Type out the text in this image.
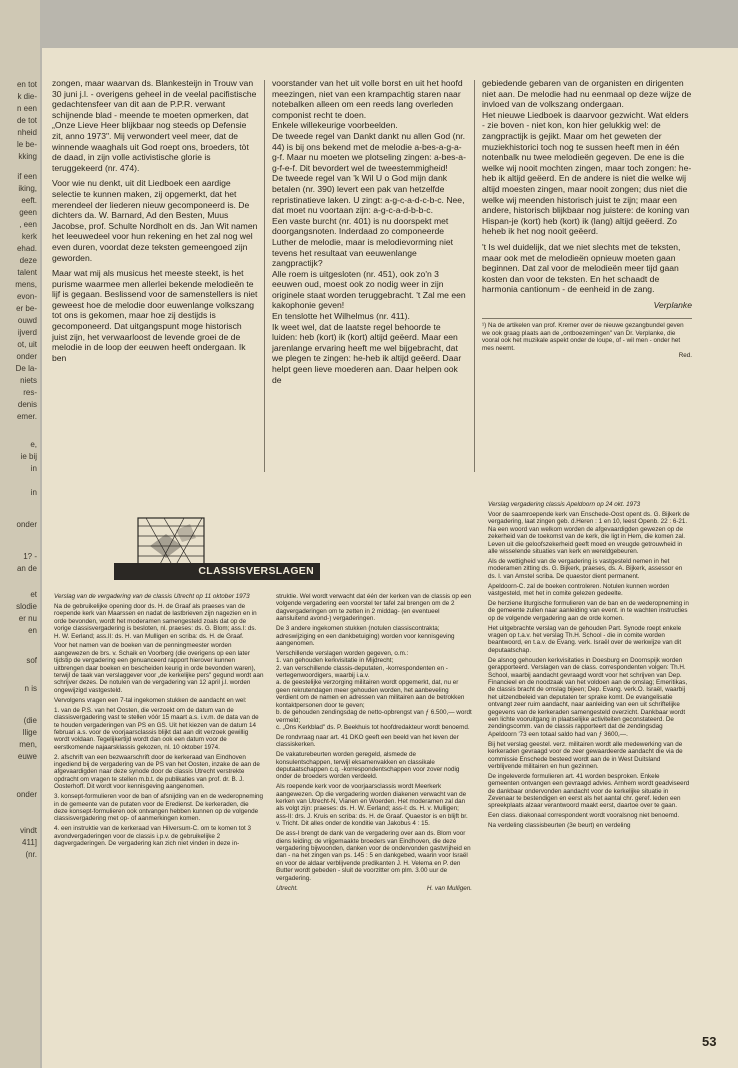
en tot
k die-
n een
de tot
nheid
le be-
kking
if een
iking,
eeft.
geen
, een
kerk
ehad.
deze
talent
mens,
evon-
er be-
ouwd
ijverd
ot, uit
onder
De la-
niets
res-
denis
emer.
e,
ie bij
in
in
onder
1? -
an de
et
slodie
er nu
en
sof
n is
(die
llige
men,
euwe
onder
vindt
411]
(nr.

zongen, maar waarvan ds. Blankesteijn in Trouw van 30 juni j.l. - overigens geheel in de veelal pacifistische gedachtensfeer van dit aan de P.P.R. verwant schijnende blad - meende te moeten opmerken, dat „Onze Lieve Heer blijkbaar nog steeds op Defensie zit, anno 1973". Mij verwondert veel meer, dat de winnende waaghals uit God roept ons, broeders, tòt de daad, in zijn volle activistische glorie is teruggekeerd (nr. 474).

Voor wie nu denkt, uit dit Liedboek een aardige selectie te kunnen maken, zij opgemerkt, dat het merendeel der liederen nieuw gecomponeerd is. De dichters da. W. Barnard, Ad den Besten, Muus Jacobse, prof. Schulte Nordholt en ds. Jan Wit namen het leeuwedeel voor hun rekening en het zal nog wel even duren, voordat deze teksten gemeengoed zijn geworden.

Maar wat mij als musicus het meeste steekt, is het purisme waarmee men allerlei bekende melodieën te lijf is gegaan. Beslissend voor de samenstellers is niet geweest hoe de melodie door euwenlange volkszang tot ons is gekomen, maar hoe zij destijds is gecomponeerd. Dat uitgangspunt moge historisch juist zijn, het verwaarloost de levende groei de de melodie in de loop der eeuwen heeft ondergaan. Ik ben

voorstander van het uit volle borst en uit het hoofd meezingen, niet van een krampachtig staren naar notebalken alleen om een reeds lang overleden componist recht te doen.
Enkele willekeurige voorbeelden.
De tweede regel van Dankt dankt nu allen God (nr. 44) is bij ons bekend met de melodie a-bes-a-g-a-g-f. Maar nu moeten we plotseling zingen: a-bes-a-g-f-e-f. Dit bevordert wel de tweestemmigheid!
De tweede regel van 'k Wil U o God mijn dank betalen (nr. 390) levert een pak van hetzelfde repristinatieve laken. U zingt: a-g-c-a-d-c-b-c. Nee, dat moet nu voortaan zijn: a-g-c-a-d-b-b-c.
Een vaste burcht (nr. 401) is nu doorspekt met doorgangsnoten. Inderdaad zo componeerde Luther de melodie, maar is melodievorming niet tevens het resultaat van eeuwenlange zangpractijk?
Alle roem is uitgesloten (nr. 451), ook zo'n 3 eeuwen oud, moest ook zo nodig weer in zijn originele staat worden teruggebracht. 't Zal me een kakophonie geven!
En tenslotte het Wilhelmus (nr. 411).
Ik weet wel, dat de laatste regel behoorde te luiden: heb (kort) ik (kort) altijd geëerd. Maar een jarenlange ervaring heeft me wel bijgebracht, dat we plegen te zingen: he-heb ik altijd geëerd. Daar helpt geen lieve moederen aan. Daar helpen ook de

gebiedende gebaren van de organisten en dirigenten niet aan. De melodie had nu eenmaal op deze wijze de invloed van de volkszang ondergaan.
Het nieuwe Liedboek is daarvoor gezwicht. Wat elders - zie boven - niet kon, kon hier gelukkig wel: de zangpractijk is gejikt. Maar om het geweten der muziekhistorici toch nog te sussen heeft men in één notenbalk nu twee melodieën gegeven. De ene is die welke wij nooit mochten zingen, maar toch zongen: he-heb ik altijd geëerd. En de andere is niet die welke wij altijd moesten zingen, maar nooit zongen; dus niet die welke wij meenden historisch juist te zijn; maar een andere, historisch blijkbaar nog juistere: de koning van Hispan-je (kort) heb (kort) ik (lang) altijd geëerd. Zo heheb ik het nog nooit geëerd.

't Is wel duidelijk, dat we niet slechts met de teksten, maar ook met de melodieën opnieuw moeten gaan beginnen. Dat zal voor de melodieën meer tijd gaan kosten dan voor de teksten. En het schaadt de harmonia cantionum - de eenheid in de zang.

Verplanke
¹) Na de artikelen van prof. Kremer over de nieuwe gezangbundel geven we ook graag plaats aan de „ontboezemingen" van Dr. Verplanke, die vooral ook het muzikale aspekt onder de loupe, of - wil men - onder het mes neemt.
Red.
CLASSISVERSLAGEN

Verslag van de vergadering van de classis Utrecht op 11 oktober 1973

Na de gebruikelijke opening door ds. H. de Graaf als praeses van de roepende kerk van Maarssen en nadat de lastbrieven zijn nagezien en in orde bevonden, wordt het moderamen samengesteld zoals dat op de vorige classisvergadering is besloten, nl. praeses: ds. G. Blom; ass.I: ds. H. W. Eerland; ass.II: ds. H. van Mulligen en scriba: ds. H. de Graaf.

Voor het namen van de boeken van de penningmeester worden aangewezen de brs. v. Schaik en Voorberg (die overigens op een later tijdstip de vergadering een genuanceerd rapport hierover kunnen uitbrengen daar boeken en bescheiden keurig in orde bevonden waren), terwijl de taak van verslaggever voor „de kerkelijke pers" gegund wordt aan schrijver dezes. De notulen van de vergadering van 12 april j.l. worden ongewijzigd vastgesteld.

Vervolgens vragen een 7-tal ingekomen stukken de aandacht en wel:

1. van de P.S. van het Oosten, die verzoekt om de datum van de classisvergadering vast te stellen vóór 15 maart a.s. i.v.m. de data van de te houden vergaderingen van PS en GS. Uit het kiezen van de datum 14 februari a.s. voor de voorjaarsclassis blijkt dat aan dit verzoek gewillig wordt voldaan. Tegelijkertijd wordt dan ook een datum voor de eerstkomende najaarsklassis gekozen, nl. 10 oktober 1974.

2. afschrift van een bezwaarschrift door de kerkeraad van Eindhoven ingediend bij de vergadering van de PS van het Oosten, inzake de aan de afgevaardigden naar deze synode door de classis Utrecht verstrekte opdracht om vragen te stellen m.b.t. de publikaties van prof. dr. B. J. Oosterhoff. Dit wordt voor kennisgeving aangenomen.

3. konsept-formulieren voor de ban of afsnijding van en de wederopneming in de gemeente van de putaten voor de Eredienst. De kerkeraden, die deze konsept-formulieren ook ontvangen hebben kunnen op de volgende classisvergadering met op- of aanmerkingen komen.

4. een instruktie van de kerkeraad van Hilversum-C. om te komen tot 3 avondvergaderingen voor de classis i.p.v. de gebruikelijke 2 dagvergaderingen. De vergadering kan zich niet vinden in deze in-

struktie. Wel wordt verwacht dat één der kerken van de classis op een volgende vergadering een voorstel ter tafel zal brengen om de 2 dagvergaderingen om te zetten in 2 middag- (en eventueel aansluitend avond-) vergaderingen.

De 3 andere ingekomen stukken (notulen classiscontrakta; adreswijziging en een dankbetuiging) worden voor kennisgeving aangenomen.

Verschillende verslagen worden gegeven, o.m.:
1. van gehouden kerkvisitatie in Mijdrecht;
2. van verschillende classis-deputaten, -korrespondenten en -vertegenwoordigers, waarbij i.a.v.
a. de geestelijke verzorging militairen wordt opgemerkt, dat, nu er geen rekrutendagen meer gehouden worden, het aanbeveling verdient om de namen en adressen van militairen aan de betrokken kontaktpersonen door te geven;
b. de gehouden zendingsdag de netto-opbrengst van ƒ 6.500,— wordt vermeld;
c. „Ons Kerkblad" ds. P. Beekhuis tot hoofdredakteur wordt benoemd.

De rondvraag naar art. 41 DKO geeft een beeld van het leven der classiskerken.

De vakaturebeurten worden geregeld, alsmede de konsulentschappen, terwijl eksamenvakken en classikale deputaatschappen c.q. -korrespondentschappen voor zover nodig onder de broeders worden verdeeld.

Als roepende kerk voor de voorjaarsclassis wordt Meerkerk aangewezen. Op die vergadering worden diakenen verwacht van de kerken van Utrecht-N, Vianen en Woerden. Het moderamen zal dan als volgt zijn: praeses: ds. H. W. Eerland; ass-I: ds. H. v. Mulligen; ass-II: drs. J. Kruis en scriba: ds. H. de Graaf. Quaestor is en blijft br. v. Tricht. Dit alles onder de konditie van Jakobus 4 : 15.

De ass-I brengt de dank van de vergadering over aan ds. Blom voor diens leiding; de vrijgemaakte broeders van Eindhoven, die deze vergadering bijwoonden, danken voor de ondervonden gastvrijheid en dan - na het zingen van ps. 145 : 5 en dankgebed, waarin voor Israël en voor de aldaar verblijvende predikanten J. H. Velema en P. den Butter wordt gebeden - sluit de voorzitter om plm. 3.00 uur de vergadering.

Utrecht.	H. van Mulligen.

Verslag vergadering classis Apeldoorn op 24 okt. 1973

Voor de saamroepende kerk van Enschede-Oost opent ds. G. Bijkerk de vergadering, laat zingen geb. d.Heren : 1 en 10, leest Openb. 22 : 6-21. Na een woord van welkom worden de afgevaardigden gewezen op de zekerheid van de toekomst van de kerk, die ligt in Hem, die komen zal. Leven uit die geloofszekerheid geeft moed en vreugde getrouwheid in alle wisselende situaties van kerk en wereldgebeuren.

Als de wettigheid van de vergadering is vastgesteld nemen in het moderamen zitting ds. G. Bijkerk, praeses, ds. A. Bijkerk, assessor en ds. I. van Amstel scriba. De quaestor dient permanent.

Apeldoorn-C. zal de boeken controleren. Notulen kunnen worden vastgesteld, met het in comite gelezen gedeelte.

De herziene liturgische formulieren van de ban en de wederopneming in de gemeente zullen naar aanleiding van event. in te wachten instructies op de volgende vergadering aan de orde komen.

Het uitgebrachte verslag van de gehouden Part. Synode roept enkele vragen op t.a.v. het verslag Th.H. School - die in comite worden beantwoord, en t.a.v. de Evang. verk. Israël over de werkwijze van dit deputaatschap.

De alsnog gehouden kerkvisitaties in Doesburg en Doornspijk worden gerapporteerd. Verslagen van de class. correspondenten volgen: Th.H. School, waarbij aandacht gevraagd wordt voor het schrijven van Dep. Financieel en de noodzaak van het voldoen aan de omslag; Emeritikas, de classis bracht de omslag bijeen; Dep. Evang. verk.O. Israël, waarbij het uitzendbeleid van deputaten ter sprake komt. De evangelisatie ontvangt zeer ruim aandacht, naar aanleiding van een uit schriftelijke gegevens van de kerkeraden samengesteld overzicht. Dankbaar wordt een lichte vooruitgang in plaatselijke activiteiten geconstateerd. De zendingscomm. van de classis rapporteert dat de zendingsdag Apeldoorn '73 een totaal saldo had van ƒ 3600,—.

Bij het verslag geestel. verz. militairen wordt alle medewerking van de kerkeraden gevraagd voor de zeer gewaardeerde aandacht die via de commissie Enschede besteed wordt aan de in West Duitsland verblijvende militairen en hun gezinnen.

De ingeleverde formulieren art. 41 worden besproken. Enkele gemeenten ontvangen een gevraagd advies. Arnhem wordt geadviseerd de dankbaar ondervonden aandacht voor de kerkelijke situatie in Zevenaar te bestendigen en eerst als het aantal chr. geref. leden een spreekplaats alzaar verantwoord maakt eerst, daartoe over te gaan.

Een class. diakonaal correspondent wordt vooralsnog niet benoemd.

Na verdeling classisbeurten (3e beurt) en verdeling

53
